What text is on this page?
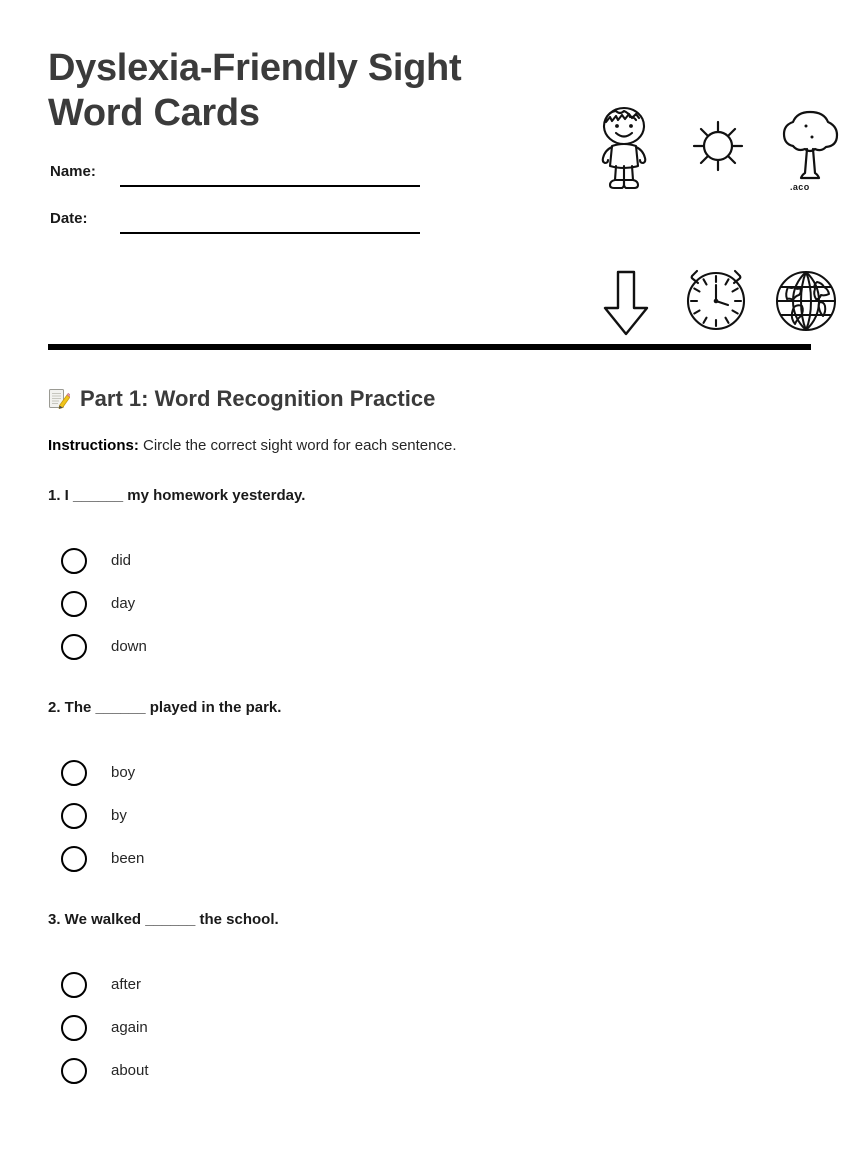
Dyslexia-Friendly Sight Word Cards
Name:
Date:
.aco
Part 1: Word Recognition Practice
Instructions: Circle the correct sight word for each sentence.
1. I ______ my homework yesterday.
did
day
down
2. The ______ played in the park.
boy
by
been
3. We walked ______ the school.
after
again
about
